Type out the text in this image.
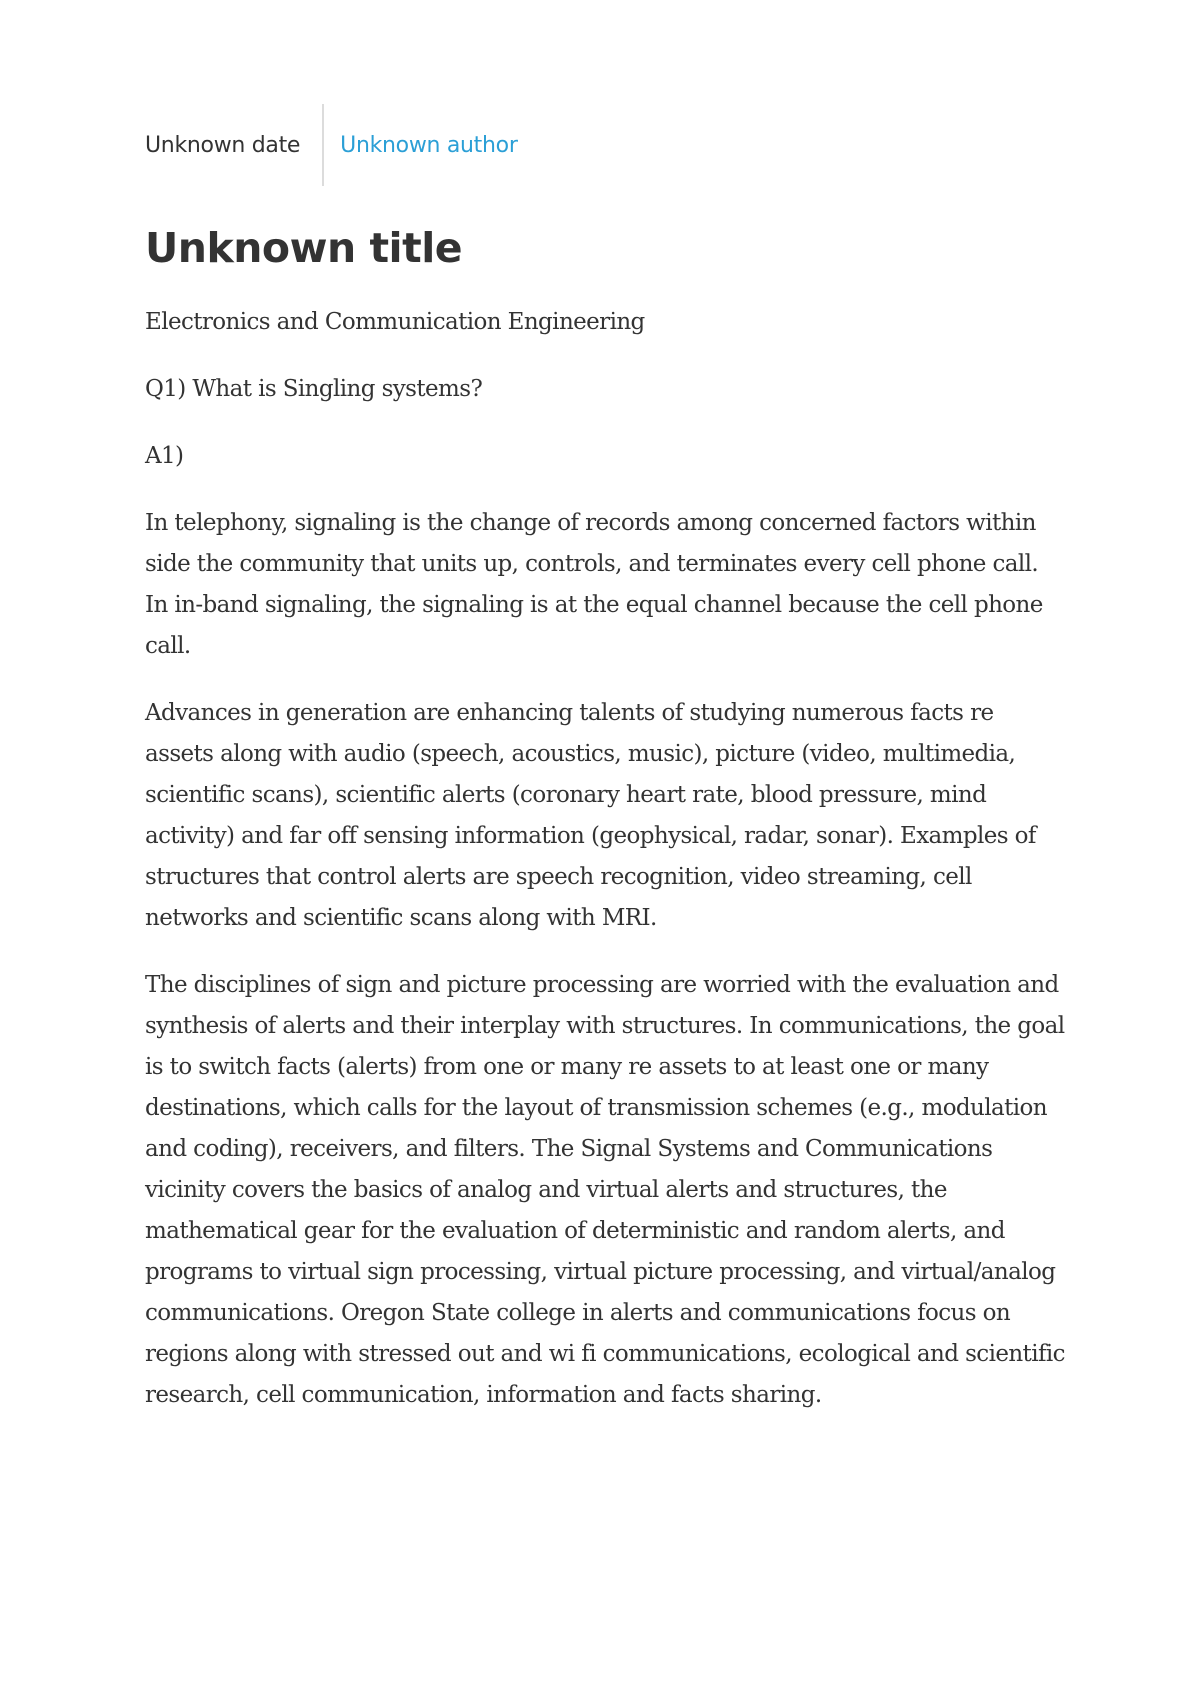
Unknown date	Unknown author
Unknown title

Electronics and Communication Engineering

Q1) What is Singling systems?

A1)

In telephony, signaling is the change of records among concerned factors within side the community that units up, controls, and terminates every cell phone call. In in-band signaling, the signaling is at the equal channel because the cell phone call.

Advances in generation are enhancing talents of studying numerous facts re assets along with audio (speech, acoustics, music), picture (video, multimedia, scientific scans), scientific alerts (coronary heart rate, blood pressure, mind activity) and far off sensing information (geophysical, radar, sonar). Examples of structures that control alerts are speech recognition, video streaming, cell networks and scientific scans along with MRI.

The disciplines of sign and picture processing are worried with the evaluation and synthesis of alerts and their interplay with structures. In communications, the goal is to switch facts (alerts) from one or many re assets to at least one or many destinations, which calls for the layout of transmission schemes (e.g., modulation and coding), receivers, and filters. The Signal Systems and Communications vicinity covers the basics of analog and virtual alerts and structures, the mathematical gear for the evaluation of deterministic and random alerts, and programs to virtual sign processing, virtual picture processing, and virtual/analog communications. Oregon State college in alerts and communications focus on regions along with stressed out and wi fi communications, ecological and scientific research, cell communication, information and facts sharing.
